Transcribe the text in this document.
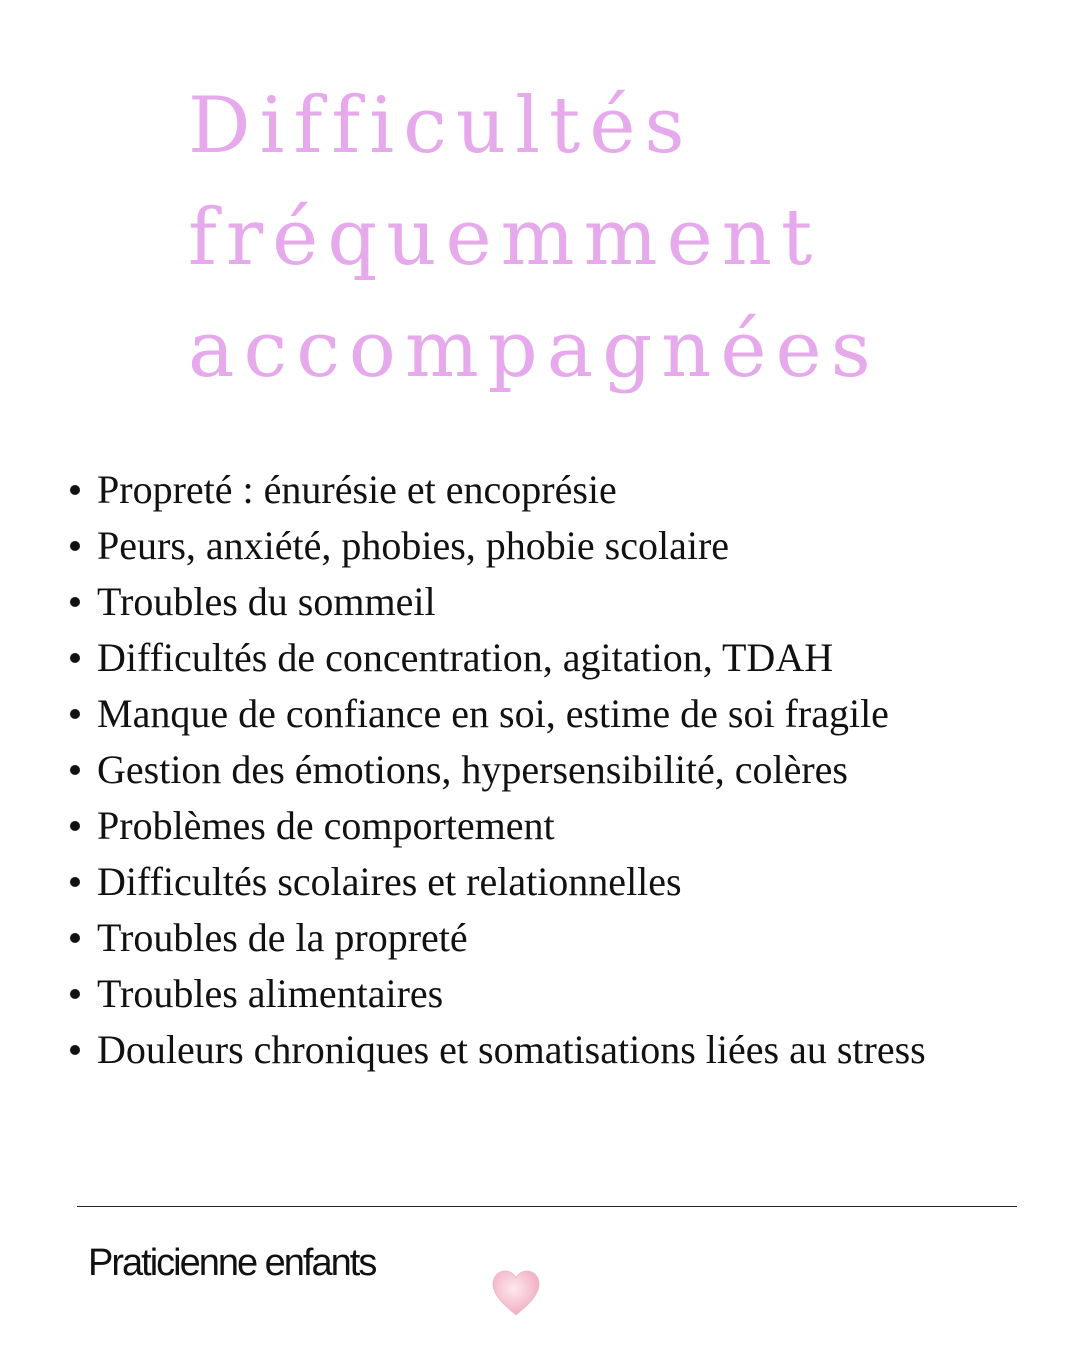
Difficultés
fréquemment
accompagnées
Propreté : énurésie et encoprésie
Peurs, anxiété, phobies, phobie scolaire
Troubles du sommeil
Difficultés de concentration, agitation, TDAH
Manque de confiance en soi, estime de soi fragile
Gestion des émotions, hypersensibilité, colères
Problèmes de comportement
Difficultés scolaires et relationnelles
Troubles de la propreté
Troubles alimentaires
Douleurs chroniques et somatisations liées au stress
Praticienne enfants
